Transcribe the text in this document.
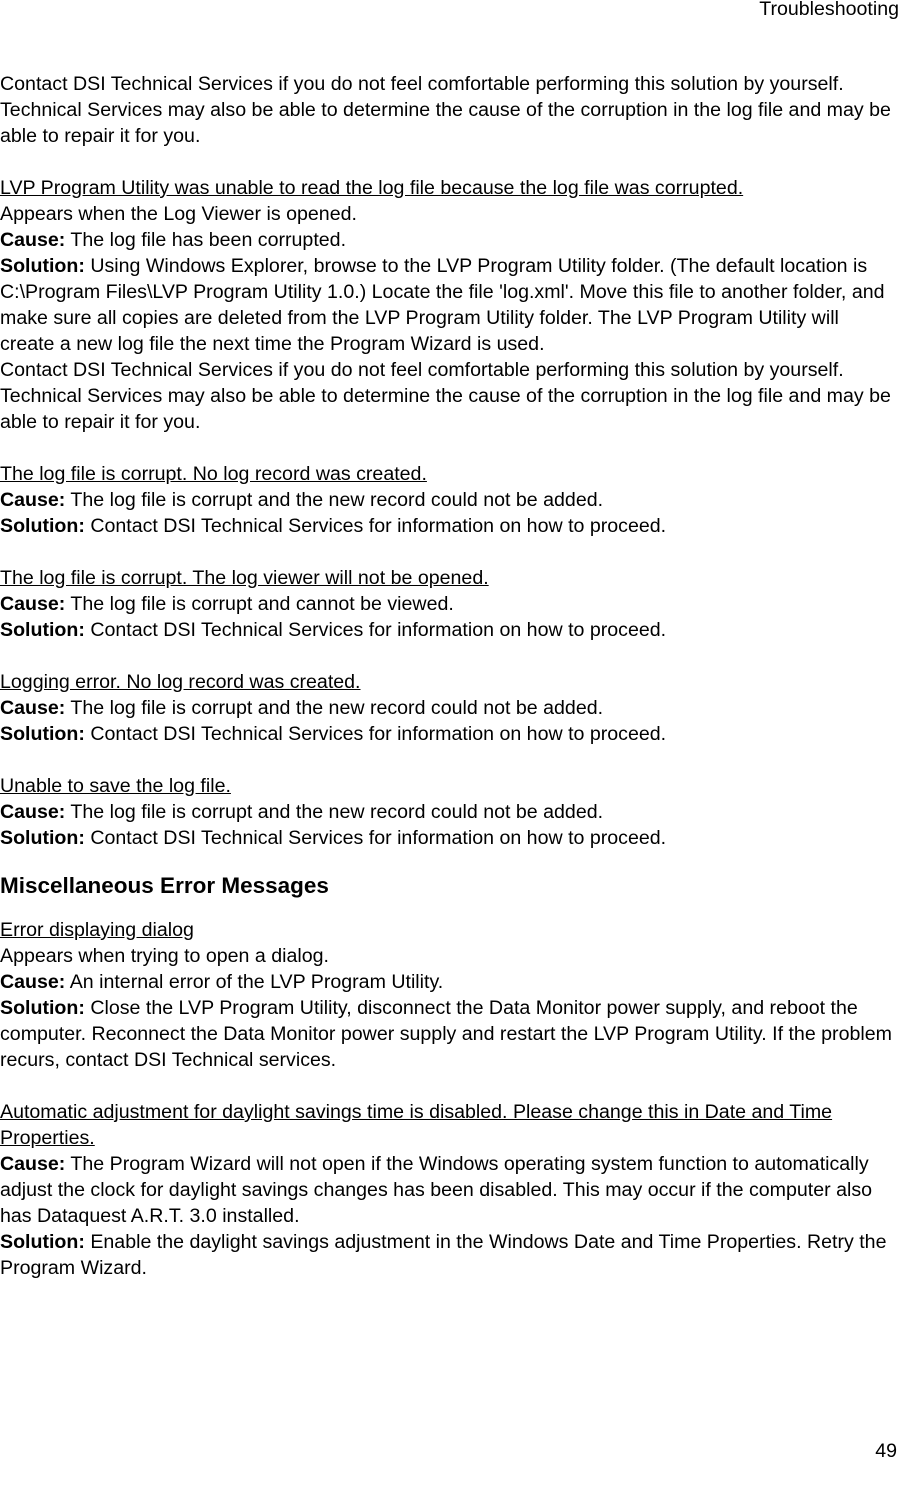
Troubleshooting

Contact DSI Technical Services if you do not feel comfortable performing this solution by yourself. Technical Services may also be able to determine the cause of the corruption in the log file and may be able to repair it for you.

LVP Program Utility was unable to read the log file because the log file was corrupted.

Appears when the Log Viewer is opened.

Cause: The log file has been corrupted.

Solution: Using Windows Explorer, browse to the LVP Program Utility folder. (The default location is C:\Program Files\LVP Program Utility 1.0.) Locate the file 'log.xml'. Move this file to another folder, and make sure all copies are deleted from the LVP Program Utility folder. The LVP Program Utility will create a new log file the next time the Program Wizard is used.

Contact DSI Technical Services if you do not feel comfortable performing this solution by yourself. Technical Services may also be able to determine the cause of the corruption in the log file and may be able to repair it for you.

The log file is corrupt. No log record was created.

Cause: The log file is corrupt and the new record could not be added.

Solution: Contact DSI Technical Services for information on how to proceed.

The log file is corrupt. The log viewer will not be opened.

Cause: The log file is corrupt and cannot be viewed.

Solution: Contact DSI Technical Services for information on how to proceed.

Logging error. No log record was created.

Cause: The log file is corrupt and the new record could not be added.

Solution: Contact DSI Technical Services for information on how to proceed.

Unable to save the log file.

Cause: The log file is corrupt and the new record could not be added.

Solution: Contact DSI Technical Services for information on how to proceed.

Miscellaneous Error Messages

Error displaying dialog

Appears when trying to open a dialog.

Cause: An internal error of the LVP Program Utility.

Solution: Close the LVP Program Utility, disconnect the Data Monitor power supply, and reboot the computer. Reconnect the Data Monitor power supply and restart the LVP Program Utility. If the problem recurs, contact DSI Technical services.

Automatic adjustment for daylight savings time is disabled. Please change this in Date and Time Properties.

Cause: The Program Wizard will not open if the Windows operating system function to automatically adjust the clock for daylight savings changes has been disabled. This may occur if the computer also has Dataquest A.R.T. 3.0 installed.

Solution: Enable the daylight savings adjustment in the Windows Date and Time Properties. Retry the Program Wizard.

49
